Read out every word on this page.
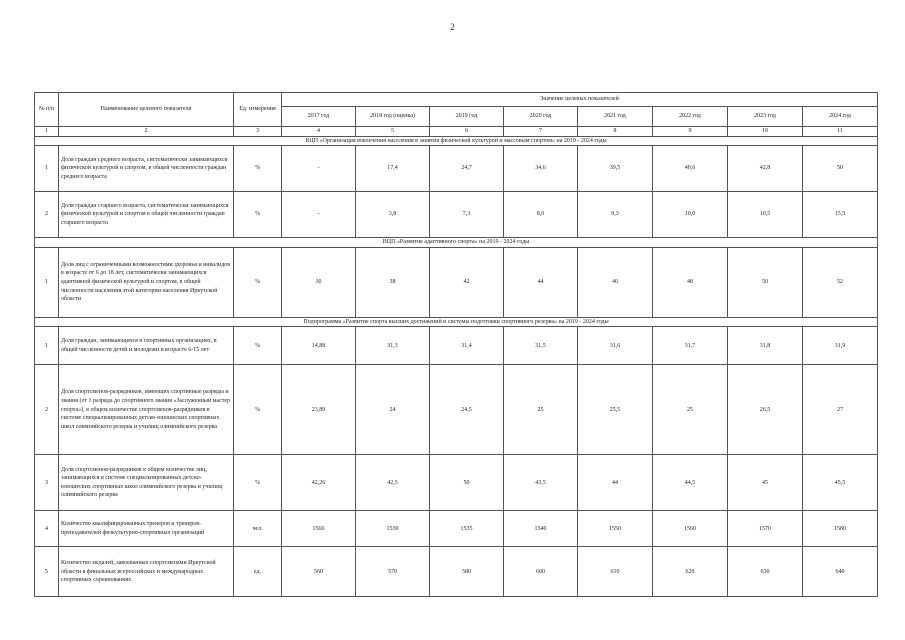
2
№ п/п	Наименование целевого показателя	Ед. измерения	Значение целевых показателей							
			2017 год	2018 год (оценка)	2019 год	2020 год	2021 год	2022 год	2023 год	2024 год
1	2	3	4	5	6	7	8	9	10	11
ВЦП «Организация вовлечения населения в занятия физической культурой и массовым спортом» на 2019 - 2024 годы										
1	Доля граждан среднего возраста, систематически занимающихся физической культурой и спортом, в общей численности граждан среднего возраста	%	-	17,4	24,7	34,6	39,5	40,6	42,8	50
2	Доля граждан старшего возраста, систематически занимающихся физической культурой и спортом в общей численности граждан старшего возраста	%	-	3,8	7,3	8,0	9,3	10,0	10,5	15,5
ВЦП «Развитие адаптивного спорта» на 2019 - 2024 годы										
1	Доля лиц с ограниченными возможностями здоровья и инвалидов в возрасте от 6 до 18 лет, систематически занимающихся адаптивной физической культурой и спортом, в общей численности населения этой категории населения Иркутской области	%	30	38	42	44	46	48	50	52
Подпрограмма «Развитие спорта высших достижений и системы подготовки спортивного резерва» на 2019 - 2024 годы										
1	Доля граждан, занимающихся в спортивных организациях, в общей численности детей и молодежи в возрасте 6-15 лет	%	14,88	31,3	31,4	31,5	31,6	31,7	31,8	31,9
2	Доля спортсменов-разрядников, имеющих спортивные разряды и звания (от 1 разряда до спортивного звания «Заслуженный мастер спорта»), в общем количестве спортсменов-разрядников в системе специализированных детско-юношеских спортивных школ олимпийского резерва и училищ олимпийского резерва	%	23,89	24	24,5	25	25,5	25	26,5	27
3	Доля спортсменов-разрядников в общем количестве лиц, занимающихся в системе специализированных детско-юношеских спортивных школ олимпийского резерва и училищ олимпийского резерва	%	42,26	42,5	50	43,5	44	44,5	45	45,5
4	Количество квалифицированных тренеров и тренеров-преподавателей физкультурно-спортивных организаций	чел.	1566	1530	1535	1540	1550	1560	1570	1580
5	Количество медалей, завоеванных спортсменами Иркутской области в финальных всероссийских и международных спортивных соревнованиях	ед.	560	570	580	600	610	620	630	640
